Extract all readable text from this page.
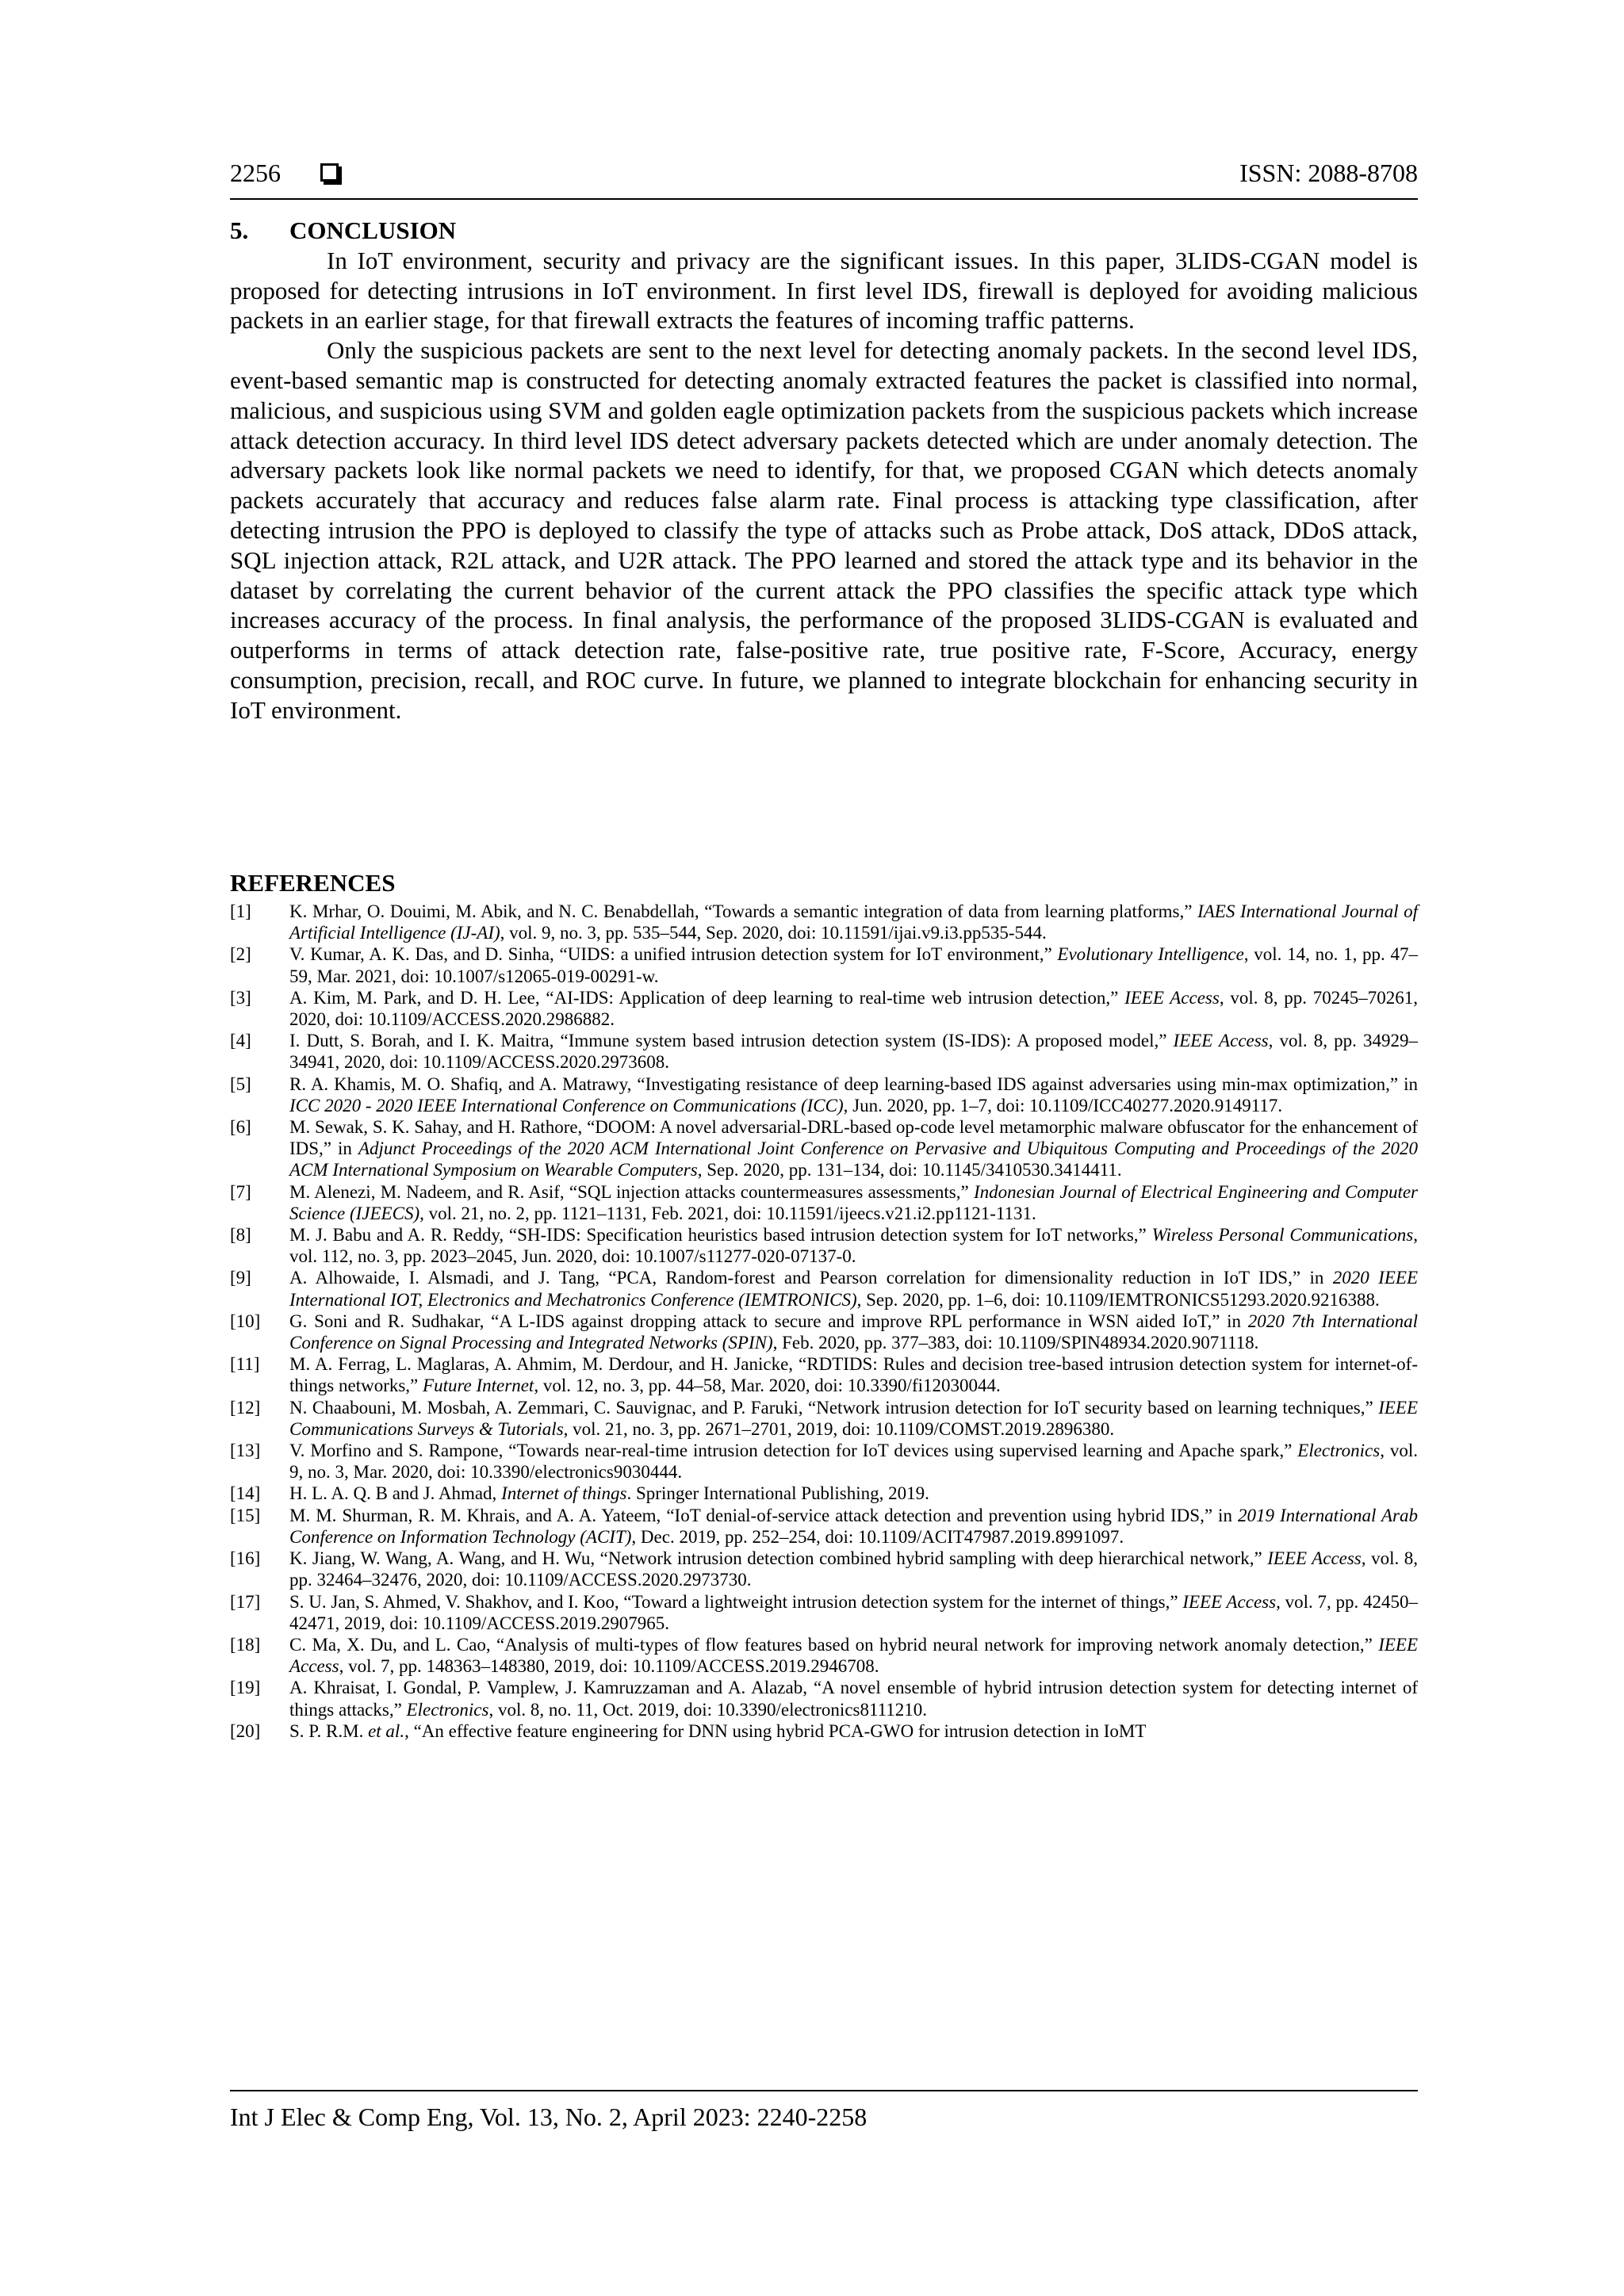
2256	ISSN: 2088-8708
5. CONCLUSION

In IoT environment, security and privacy are the significant issues. In this paper, 3LIDS-CGAN model is proposed for detecting intrusions in IoT environment. In first level IDS, firewall is deployed for avoiding malicious packets in an earlier stage, for that firewall extracts the features of incoming traffic patterns.

Only the suspicious packets are sent to the next level for detecting anomaly packets. In the second level IDS, event-based semantic map is constructed for detecting anomaly extracted features the packet is classified into normal, malicious, and suspicious using SVM and golden eagle optimization packets from the suspicious packets which increase attack detection accuracy. In third level IDS detect adversary packets detected which are under anomaly detection. The adversary packets look like normal packets we need to identify, for that, we proposed CGAN which detects anomaly packets accurately that accuracy and reduces false alarm rate. Final process is attacking type classification, after detecting intrusion the PPO is deployed to classify the type of attacks such as Probe attack, DoS attack, DDoS attack, SQL injection attack, R2L attack, and U2R attack. The PPO learned and stored the attack type and its behavior in the dataset by correlating the current behavior of the current attack the PPO classifies the specific attack type which increases accuracy of the process. In final analysis, the performance of the proposed 3LIDS-CGAN is evaluated and outperforms in terms of attack detection rate, false-positive rate, true positive rate, F-Score, Accuracy, energy consumption, precision, recall, and ROC curve. In future, we planned to integrate blockchain for enhancing security in IoT environment.

REFERENCES
[1] K. Mrhar, O. Douimi, M. Abik, and N. C. Benabdellah, “Towards a semantic integration of data from learning platforms,” IAES International Journal of Artificial Intelligence (IJ-AI), vol. 9, no. 3, pp. 535–544, Sep. 2020, doi: 10.11591/ijai.v9.i3.pp535-544.
[2] V. Kumar, A. K. Das, and D. Sinha, “UIDS: a unified intrusion detection system for IoT environment,” Evolutionary Intelligence, vol. 14, no. 1, pp. 47–59, Mar. 2021, doi: 10.1007/s12065-019-00291-w.
[3] A. Kim, M. Park, and D. H. Lee, “AI-IDS: Application of deep learning to real-time web intrusion detection,” IEEE Access, vol. 8, pp. 70245–70261, 2020, doi: 10.1109/ACCESS.2020.2986882.
[4] I. Dutt, S. Borah, and I. K. Maitra, “Immune system based intrusion detection system (IS-IDS): A proposed model,” IEEE Access, vol. 8, pp. 34929–34941, 2020, doi: 10.1109/ACCESS.2020.2973608.
[5] R. A. Khamis, M. O. Shafiq, and A. Matrawy, “Investigating resistance of deep learning-based IDS against adversaries using min-max optimization,” in ICC 2020 - 2020 IEEE International Conference on Communications (ICC), Jun. 2020, pp. 1–7, doi: 10.1109/ICC40277.2020.9149117.
[6] M. Sewak, S. K. Sahay, and H. Rathore, “DOOM: A novel adversarial-DRL-based op-code level metamorphic malware obfuscator for the enhancement of IDS,” in Adjunct Proceedings of the 2020 ACM International Joint Conference on Pervasive and Ubiquitous Computing and Proceedings of the 2020 ACM International Symposium on Wearable Computers, Sep. 2020, pp. 131–134, doi: 10.1145/3410530.3414411.
[7] M. Alenezi, M. Nadeem, and R. Asif, “SQL injection attacks countermeasures assessments,” Indonesian Journal of Electrical Engineering and Computer Science (IJEECS), vol. 21, no. 2, pp. 1121–1131, Feb. 2021, doi: 10.11591/ijeecs.v21.i2.pp1121-1131.
[8] M. J. Babu and A. R. Reddy, “SH-IDS: Specification heuristics based intrusion detection system for IoT networks,” Wireless Personal Communications, vol. 112, no. 3, pp. 2023–2045, Jun. 2020, doi: 10.1007/s11277-020-07137-0.
[9] A. Alhowaide, I. Alsmadi, and J. Tang, “PCA, Random-forest and Pearson correlation for dimensionality reduction in IoT IDS,” in 2020 IEEE International IOT, Electronics and Mechatronics Conference (IEMTRONICS), Sep. 2020, pp. 1–6, doi: 10.1109/IEMTRONICS51293.2020.9216388.
[10] G. Soni and R. Sudhakar, “A L-IDS against dropping attack to secure and improve RPL performance in WSN aided IoT,” in 2020 7th International Conference on Signal Processing and Integrated Networks (SPIN), Feb. 2020, pp. 377–383, doi: 10.1109/SPIN48934.2020.9071118.
[11] M. A. Ferrag, L. Maglaras, A. Ahmim, M. Derdour, and H. Janicke, “RDTIDS: Rules and decision tree-based intrusion detection system for internet-of-things networks,” Future Internet, vol. 12, no. 3, pp. 44–58, Mar. 2020, doi: 10.3390/fi12030044.
[12] N. Chaabouni, M. Mosbah, A. Zemmari, C. Sauvignac, and P. Faruki, “Network intrusion detection for IoT security based on learning techniques,” IEEE Communications Surveys & Tutorials, vol. 21, no. 3, pp. 2671–2701, 2019, doi: 10.1109/COMST.2019.2896380.
[13] V. Morfino and S. Rampone, “Towards near-real-time intrusion detection for IoT devices using supervised learning and Apache spark,” Electronics, vol. 9, no. 3, Mar. 2020, doi: 10.3390/electronics9030444.
[14] H. L. A. Q. B and J. Ahmad, Internet of things. Springer International Publishing, 2019.
[15] M. M. Shurman, R. M. Khrais, and A. A. Yateem, “IoT denial-of-service attack detection and prevention using hybrid IDS,” in 2019 International Arab Conference on Information Technology (ACIT), Dec. 2019, pp. 252–254, doi: 10.1109/ACIT47987.2019.8991097.
[16] K. Jiang, W. Wang, A. Wang, and H. Wu, “Network intrusion detection combined hybrid sampling with deep hierarchical network,” IEEE Access, vol. 8, pp. 32464–32476, 2020, doi: 10.1109/ACCESS.2020.2973730.
[17] S. U. Jan, S. Ahmed, V. Shakhov, and I. Koo, “Toward a lightweight intrusion detection system for the internet of things,” IEEE Access, vol. 7, pp. 42450–42471, 2019, doi: 10.1109/ACCESS.2019.2907965.
[18] C. Ma, X. Du, and L. Cao, “Analysis of multi-types of flow features based on hybrid neural network for improving network anomaly detection,” IEEE Access, vol. 7, pp. 148363–148380, 2019, doi: 10.1109/ACCESS.2019.2946708.
[19] A. Khraisat, I. Gondal, P. Vamplew, J. Kamruzzaman and A. Alazab, “A novel ensemble of hybrid intrusion detection system for detecting internet of things attacks,” Electronics, vol. 8, no. 11, Oct. 2019, doi: 10.3390/electronics8111210.
[20] S. P. R.M. et al., “An effective feature engineering for DNN using hybrid PCA-GWO for intrusion detection in IoMT
Int J Elec & Comp Eng, Vol. 13, No. 2, April 2023: 2240-2258
